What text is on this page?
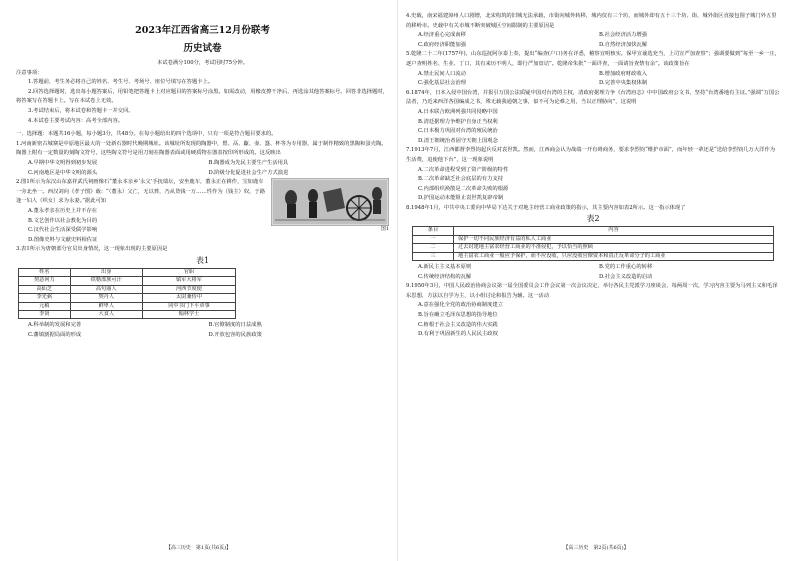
2023年江西省高三12月份联考
历史试卷

本试卷满分100分，考试用时75分钟。

注意事项：

1.答题前，考生务必将自己的姓名、考生号、考场号、座位号填写在答题卡上。

2.回答选择题时，选出每小题答案后，用铅笔把答题卡上对应题目的答案标号涂黑。如需改动，用橡皮擦干净后，再选涂其他答案标号。回答非选择题时，将答案写在答题卡上。写在本试卷上无效。

3.考试结束后，将本试卷和答题卡一并交回。

4.本试卷主要考试内容：高考全部内容。

一、选择题：本题共16小题，每小题3分，共48分。在每小题给出的四个选项中，只有一项是符合题目要求的。

1.河南新密古城寨是中原地区最大的一处新石器时代晚期城址。该城址所发现的陶器中，罂、鬲、甗、壶、簋、杯等为专用器，属于制作精致的黑陶和蛋壳陶。陶器上附有一定数量的刻陶文符号，这些陶文符号是用刀刻在陶器表面或用硬质物在器表按印所形成的。这反映出

A.早期中华文明得到初步发展	B.陶器成为先民主要生产生活用具
C.河南地区是中华文明的源头	D.阶级分化促进社会生产方式演进

2.图1所示为东汉山东嘉祥武氏祠画像石“董永本亲乡‘永父’手抚瑞坛，安坐鹿车，董永正在耕作，宝如鹿车一旁北坐一。西汉刘向《孝子图》载：“（董永）父亡，无以葬，乃从贷钱一万……性作为（钱主）奴，于路逢一妇人（织女）求为永妻。”据此可知

A.董永孝亲在历史上并不存在
B.文艺创作以社会教化为目的
C.汉代社会生活深受儒学影响
D.图像史料与文献史料相佐证
图1

3.表1所示为唐朝部分官员出身情况，这一现象出现的主要原因是

表1
姓名	出身	官职
契苾何力	铁勒部族可汗	镇军大将军
高仙芝	高句丽人	河西节度使
李光弼	契丹人	太尉兼侍中
元稹	鲜卑人	同中书门下平章事
李贤	大食人	翰林学士
A.科举制的发展和完善	B.官僚制度的日益成熟
C.藩镇割据局面的形成	D.开放包容的民族政策
【高三历史　第1页(共6页)】

4.史载，南宋福建漳州人口剧增，北宋构筑的旧城无法承载，市街向城外转移，城内仅有三个坊，而城外却有五十三个坊、街，城外街区直接包围子城门外五里的移岭市。史载中有关市城不断突破城区空间限制的主要原因是

A.经济重心完成南移	B.社会经济活力增强
C.政府经济职能加强	D.自然经济加快瓦解

5.乾隆二十二年(1757年)，山东巡抚阿尔泰上奏，提出“编查(户口)务在详悉，稽察宜明核实。保甲宣谕选充当，上司宣严加查察”；强调要做到“每至一乡一庄，逐户查明姓名、生业、丁口，其有来历不明人，即行严加盘诘”。乾隆帝朱批“一面详查，一面请旨查禁有余”。该政策旨在

A.禁止民间人口流动	B.增加政府财政收入
C.强化基层社会治理	D.完善中央集权体制

6.1874年，日本入侵中国台湾，并报引万国公法质疑中国对台湾的主权，清政府据理力争《台湾府志》中中国政府公文书，坚持“台湾番地有主证。”强调“万国公法者，乃近来西洋各国编成之书，殊无载我通朝之事，似不可为论难之用，当以正理胁向”，这说明

A.日本联合欧洲列强共同侵略中国
B.清廷据理力争维护自身正当权利
C.日本极力巩固对台湾的殖民统治
D.清王朝统治者固守天朝上国观念

7.1913年7月，江西都督李烈钧起兵反对袁世凯。然而，江西商会认为战端一开有碍商务，要求李烈钧“维护市面”，而年轻一辈还是“送给李烈钧几万大洋作为生活费，追使他下台”，这一现象说明

A.二次革命进程受到了资产阶级的特性
B.二次革命缺乏社会底层的有力支持
C.内部组织涣散是二次革命失败的根源
D.护国运动未能阻止袁世凯复辟帝制

8.1948年1月，中共中央工委向中华局下达关于对地主经营工商业政策的指示，其主要内容如表2所示。这一指示体现了

表2
条目	内容
一	保护一切不同民族经济有益的私人工商业
二	过去封建地主富农经营工商业的不准侵犯，予以恰当的照顾
三	地主富农工商业一般应予保护，而不应没收，只应没收官僚资本和真正反革命分子的工商业
A.新民主主义基本原则	B.党的工作重心的转移
C.传统经济结构的瓦解	D.社会主义改造的启动

9.1950年3月，中国人民政治协商会议第一届全国委员会工作会议第一次会议决定，举行各民主党派学习座谈会，每两周一次，学习内容主要为马列主义和毛泽东思想，方法以自学为主，以小组讨论和报告为辅。这一活动

A.意在强化全党的政治协商制度建立
B.旨在确立毛泽东思想的指导地位
C.植根于社会主义改造的伟大实践
D.有利于巩固新生的人民民主政权
【高三历史　第2页(共6页)】
